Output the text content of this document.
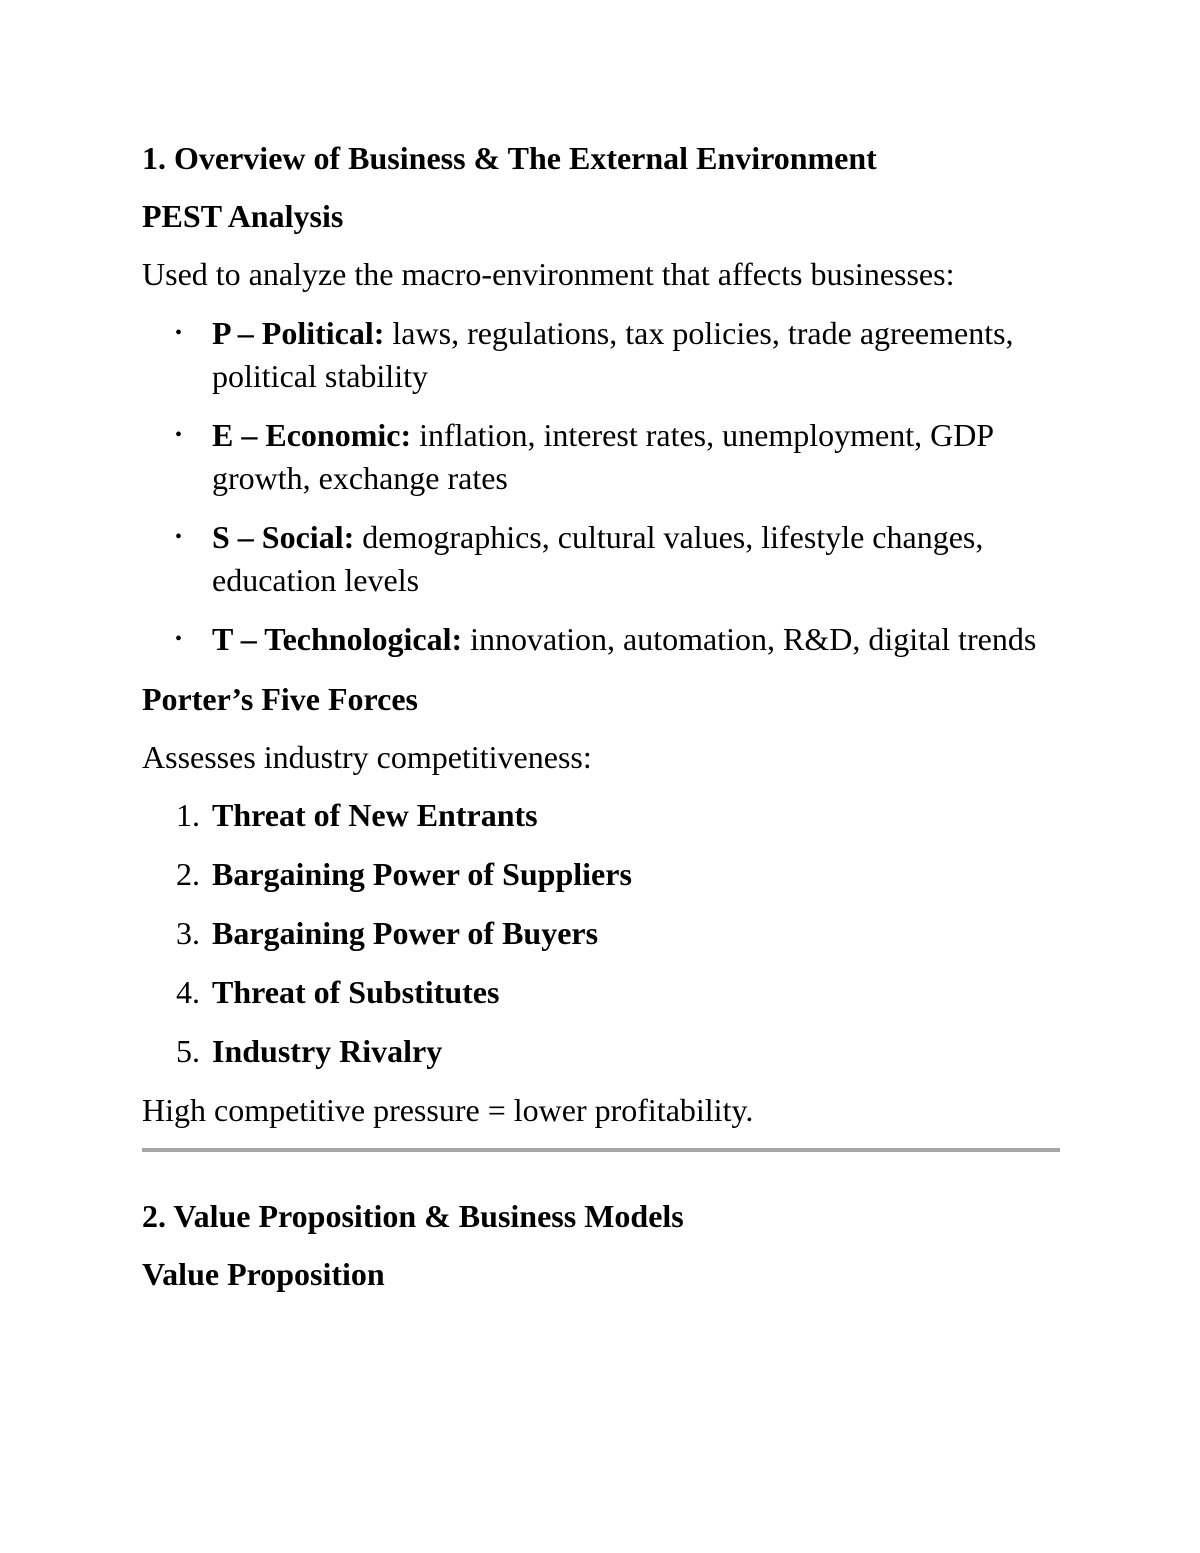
1. Overview of Business & The External Environment
PEST Analysis
Used to analyze the macro-environment that affects businesses:
• P – Political: laws, regulations, tax policies, trade agreements, political stability
• E – Economic: inflation, interest rates, unemployment, GDP growth, exchange rates
• S – Social: demographics, cultural values, lifestyle changes, education levels
• T – Technological: innovation, automation, R&D, digital trends
Porter’s Five Forces
Assesses industry competitiveness:
1. Threat of New Entrants
2. Bargaining Power of Suppliers
3. Bargaining Power of Buyers
4. Threat of Substitutes
5. Industry Rivalry
High competitive pressure = lower profitability.
2. Value Proposition & Business Models
Value Proposition
